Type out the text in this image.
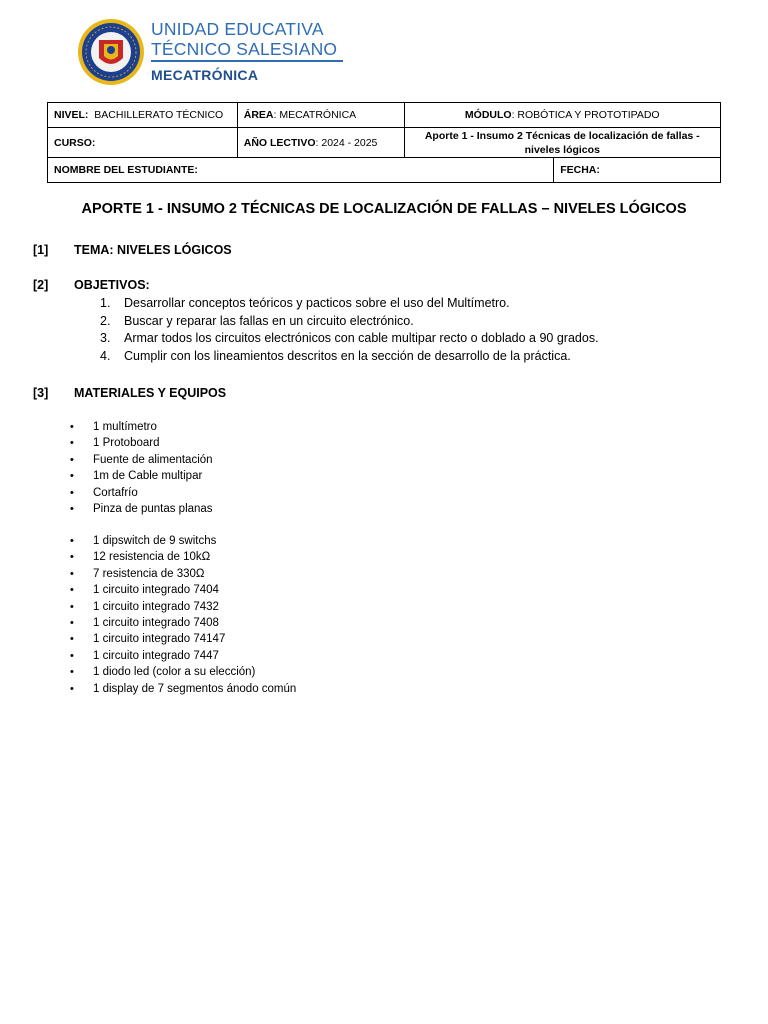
UNIDAD EDUCATIVA
TÉCNICO SALESIANO
MECATRÓNICA
NIVEL: BACHILLERATO TÉCNICO	ÁREA: MECATRÓNICA	MÓDULO: ROBÓTICA Y PROTOTIPADO	
CURSO:	AÑO LECTIVO: 2024 - 2025	Aporte 1 - Insumo 2 Técnicas de localización de fallas -
niveles lógicos	

NOMBRE DEL ESTUDIANTE:			FECHA:
APORTE 1 - INSUMO 2 TÉCNICAS DE LOCALIZACIÓN DE FALLAS – NIVELES LÓGICOS
[1] TEMA: NIVELES LÓGICOS
[2] OBJETIVOS:
1. Desarrollar conceptos teóricos y pacticos sobre el uso del Multímetro.
2. Buscar y reparar las fallas en un circuito electrónico.
3. Armar todos los circuitos electrónicos con cable multipar recto o doblado a 90 grados.
4. Cumplir con los lineamientos descritos en la sección de desarrollo de la práctica.
[3] MATERIALES Y EQUIPOS
• 1 multímetro
• 1 Protoboard
• Fuente de alimentación
• 1m de Cable multipar
• Cortafrío
• Pinza de puntas planas
• 1 dipswitch de 9 switchs
• 12 resistencia de 10kΩ
• 7 resistencia de 330Ω
• 1 circuito integrado 7404
• 1 circuito integrado 7432
• 1 circuito integrado 7408
• 1 circuito integrado 74147
• 1 circuito integrado 7447
• 1 diodo led (color a su elección)
• 1 display de 7 segmentos ánodo común
